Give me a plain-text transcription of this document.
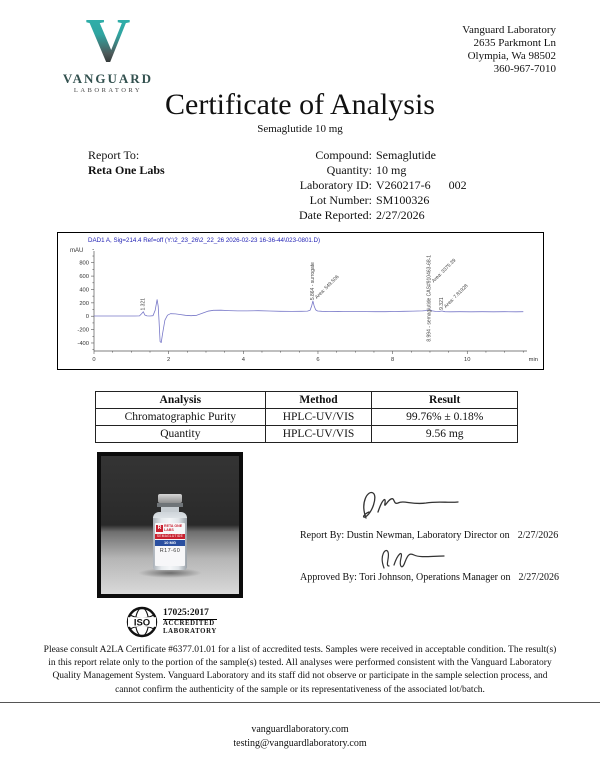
V
VANGUARD
LABORATORY
Vanguard Laboratory
2635 Parkmont Ln
Olympia, Wa 98502
360-967-7010
Certificate of Analysis
Semaglutide 10 mg
Report To:
Reta One Labs
Compound:	Semaglutide
Quantity:	10 mg
Laboratory ID:	V260217-6 002
Lot Number:	SM100326
Date Reported:	2/27/2026
DAD1 A, Sig=214.4 Ref=off (Y:\2_23_26\2_22_26 2026-02-23 16-36-44\023-0801.D)
-400
-200
0
200
400
600
800
mAU
0	2	4	6	8	10	min
1.321
5.864 - surrogate
Area: 549.506	8.994 - semaglutide CAS#910463-68-1
Area: 3375.39
9.321
Area: 7.81928
Analysis	Method	Result
Chromatographic Purity	HPLC-UV/VIS	99.76% ± 0.18%
Quantity	HPLC-UV/VIS	9.56 mg
R RETA ONE
LABS
SEMAGLUTIDE
10 MG
R17-60
Report By: Dustin Newman, Laboratory Director on 2/27/2026
Approved By: Tori Johnson, Operations Manager on 2/27/2026
ISO
17025:2017
ACCREDITED
LABORATORY
Please consult A2LA Certificate #6377.01.01 for a list of accredited tests. Samples were received in acceptable condition. The result(s) in this report relate only to the portion of the sample(s) tested. All analyses were performed consistent with the Vanguard Laboratory Quality Management System. Vanguard Laboratory and its staff did not observe or participate in the sample selection process, and cannot confirm the authenticity of the sample or its representativeness of the associated lot/batch.
vanguardlaboratory.com
testing@vanguardlaboratory.com
